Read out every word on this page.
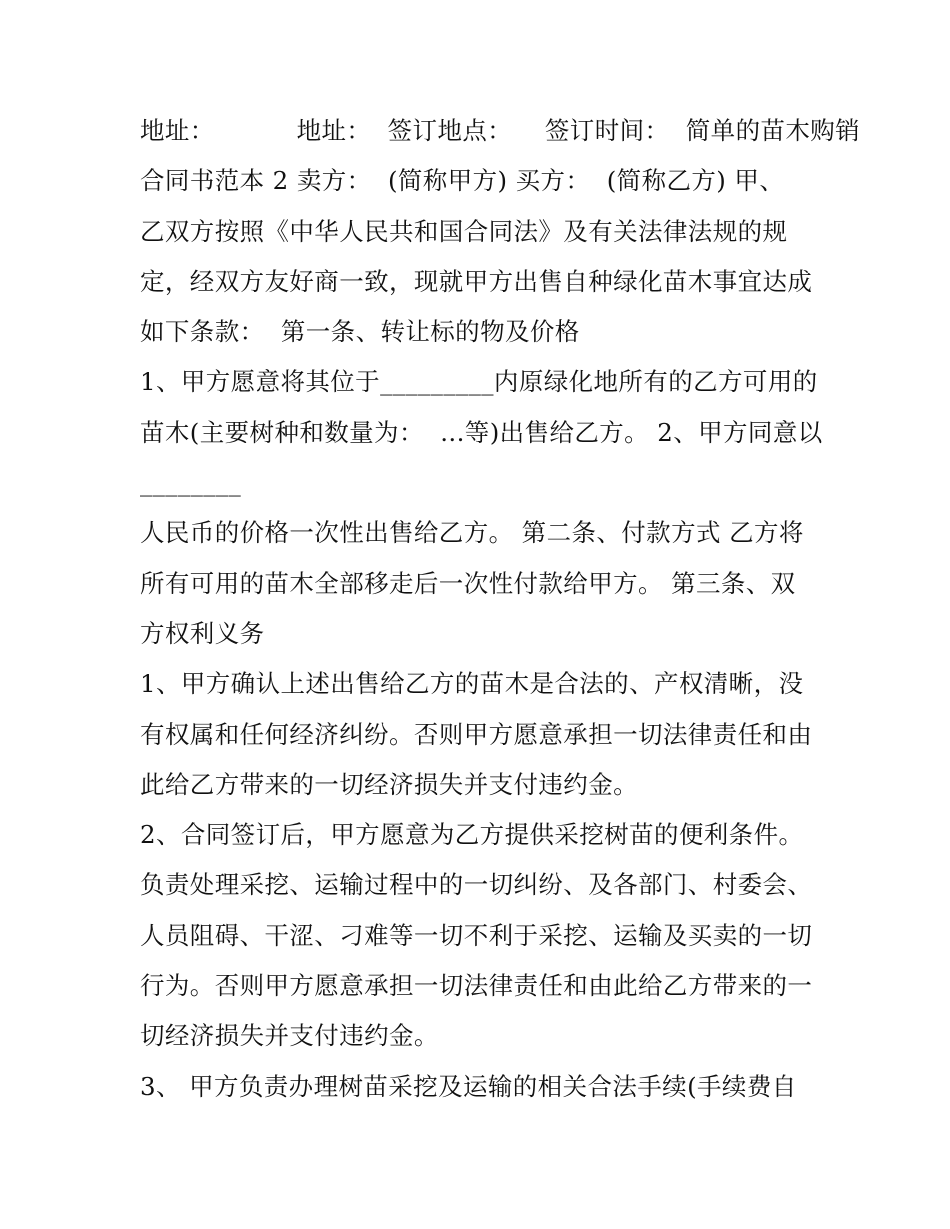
地址：          地址：  签订地点：    签订时间：  简单的苗木购销
合同书范本 2 卖方：  (简称甲方) 买方：  (简称乙方) 甲、
乙双方按照《中华人民共和国合同法》及有关法律法规的规
定，经双方友好商一致，现就甲方出售自种绿化苗木事宜达成
如下条款：  第一条、转让标的物及价格
1、甲方愿意将其位于_________内原绿化地所有的乙方可用的
苗木(主要树种和数量为：  ...等)出售给乙方。 2、甲方同意以
________
人民币的价格一次性出售给乙方。 第二条、付款方式 乙方将
所有可用的苗木全部移走后一次性付款给甲方。 第三条、双
方权利义务
1、甲方确认上述出售给乙方的苗木是合法的、产权清晰，没
有权属和任何经济纠纷。否则甲方愿意承担一切法律责任和由
此给乙方带来的一切经济损失并支付违约金。
2、合同签订后，甲方愿意为乙方提供采挖树苗的便利条件。
负责处理采挖、运输过程中的一切纠纷、及各部门、村委会、
人员阻碍、干涩、刁难等一切不利于采挖、运输及买卖的一切
行为。否则甲方愿意承担一切法律责任和由此给乙方带来的一
切经济损失并支付违约金。
3、 甲方负责办理树苗采挖及运输的相关合法手续(手续费自
